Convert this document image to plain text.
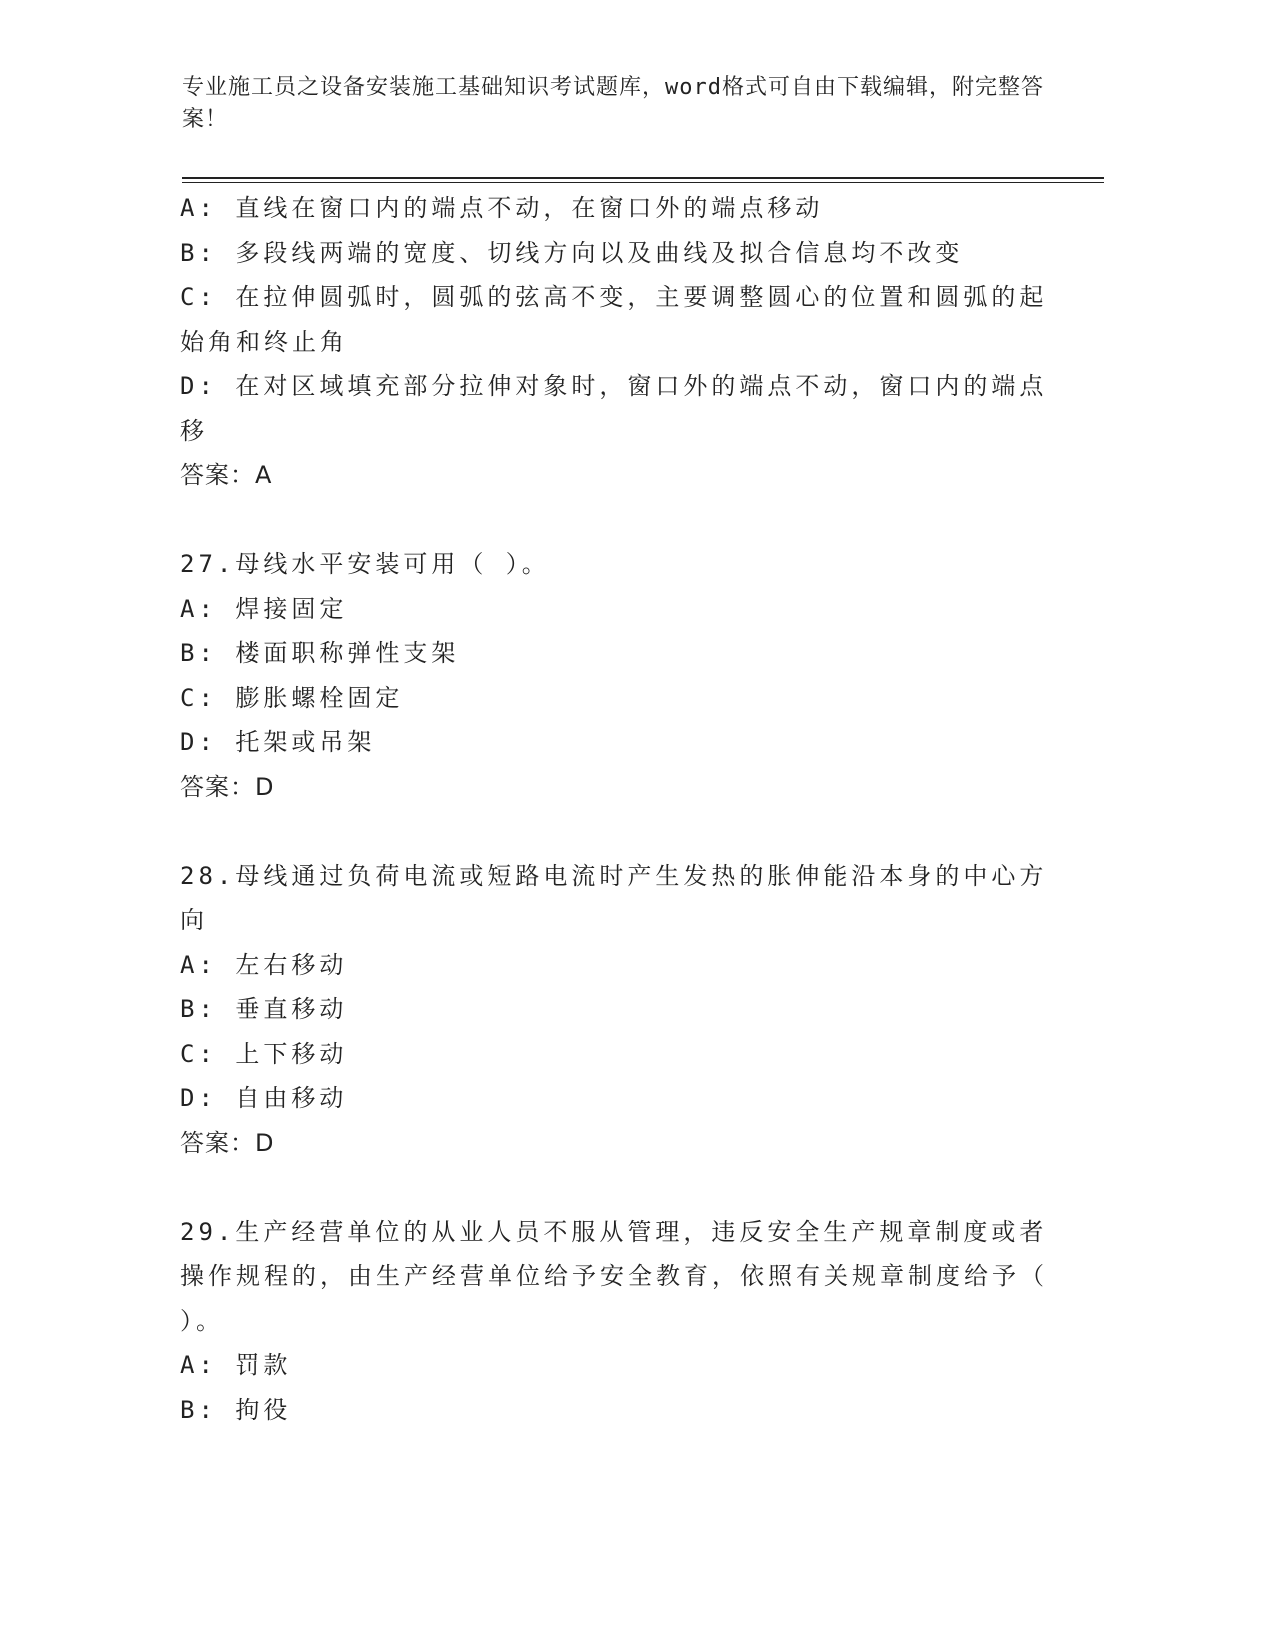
专业施工员之设备安装施工基础知识考试题库，word格式可自由下载编辑，附完整答案！
A: 直线在窗口内的端点不动，在窗口外的端点移动
B: 多段线两端的宽度、切线方向以及曲线及拟合信息均不改变
C: 在拉伸圆弧时，圆弧的弦高不变，主要调整圆心的位置和圆弧的起始角和终止角
D: 在对区域填充部分拉伸对象时，窗口外的端点不动，窗口内的端点移
答案：A
27.母线水平安装可用（ ）。
A: 焊接固定
B: 楼面职称弹性支架
C: 膨胀螺栓固定
D: 托架或吊架
答案：D
28.母线通过负荷电流或短路电流时产生发热的胀伸能沿本身的中心方向
A: 左右移动
B: 垂直移动
C: 上下移动
D: 自由移动
答案：D
29.生产经营单位的从业人员不服从管理，违反安全生产规章制度或者操作规程的，由生产经营单位给予安全教育，依照有关规章制度给予（ ）。
A: 罚款
B: 拘役
